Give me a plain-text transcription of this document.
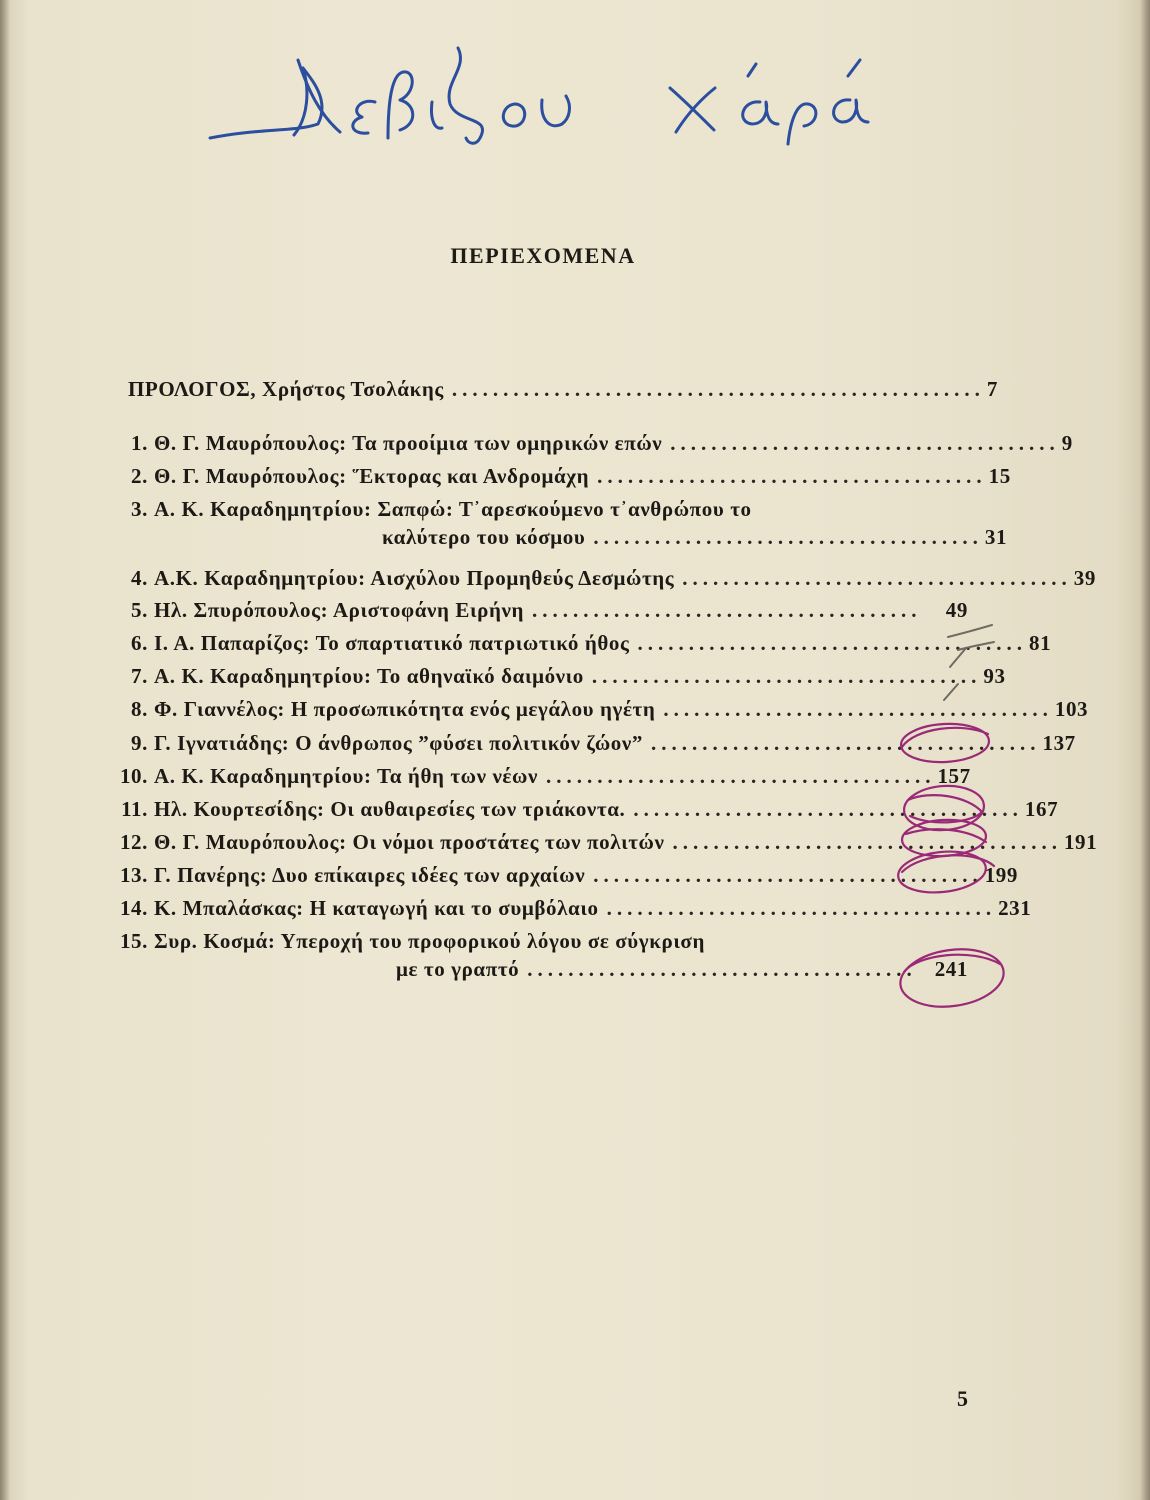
ΠΕΡΙΕΧΟΜΕΝΑ
ΠΡΟΛΟΓΟΣ, Χρήστος Τσολάκης .................................................... 7
1. Θ. Γ. Μαυρόπουλος: Τα προοίμια των ομηρικών επών ...................................... 9
2. Θ. Γ. Μαυρόπουλος: Ἕκτορας και Ανδρομάχη ...................................... 15
3. Α. Κ. Καραδημητρίου: Σαπφώ: Τ᾽αρεσκούμενο τ᾽ανθρώπου το
καλύτερο του κόσμου ...................................... 31
4. Α.Κ. Καραδημητρίου: Αισχύλου Προμηθεύς Δεσμώτης ...................................... 39
5. Ηλ. Σπυρόπουλος: Αριστοφάνη Ειρήνη ......................................	49
6. Ι. Α. Παπαρίζος: Το σπαρτιατικό πατριωτικό ήθος ...................................... 81
7. Α. Κ. Καραδημητρίου: Το αθηναϊκό δαιμόνιο ...................................... 93
8. Φ. Γιαννέλος: Η προσωπικότητα ενός μεγάλου ηγέτη ...................................... 103
9. Γ. Ιγνατιάδης: Ο άνθρωπος ”φύσει πολιτικόν ζώον” ...................................... 137
10. Α. Κ. Καραδημητρίου: Τα ήθη των νέων ...................................... 157
11. Ηλ. Κουρτεσίδης: Οι αυθαιρεσίες των τριάκοντα. ...................................... 167
12. Θ. Γ. Μαυρόπουλος: Οι νόμοι προστάτες των πολιτών ...................................... 191
13. Γ. Πανέρης: Δυο επίκαιρες ιδέες των αρχαίων ...................................... 199
14. Κ. Μπαλάσκας: Η καταγωγή και το συμβόλαιο ...................................... 231
15. Συρ. Κοσμά: Υπεροχή του προφορικού λόγου σε σύγκριση
με το γραπτό ...................................... 241
5
